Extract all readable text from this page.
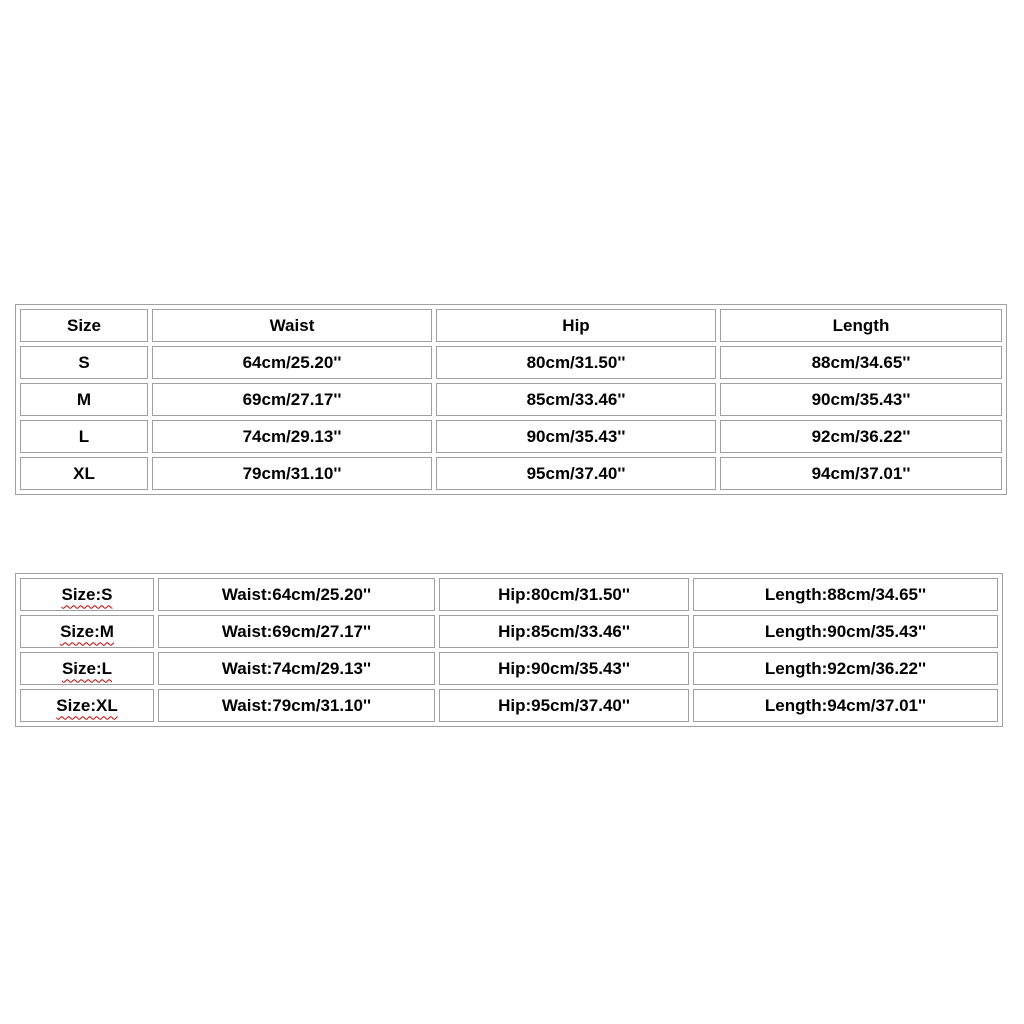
Size	Waist	Hip	Length
S	64cm/25.20''	80cm/31.50''	88cm/34.65''
M	69cm/27.17''	85cm/33.46''	90cm/35.43''
L	74cm/29.13''	90cm/35.43''	92cm/36.22''
XL	79cm/31.10''	95cm/37.40''	94cm/37.01''
Size:S	Waist:64cm/25.20''	Hip:80cm/31.50''	Length:88cm/34.65''
Size:M	Waist:69cm/27.17''	Hip:85cm/33.46''	Length:90cm/35.43''
Size:L	Waist:74cm/29.13''	Hip:90cm/35.43''	Length:92cm/36.22''
Size:XL	Waist:79cm/31.10''	Hip:95cm/37.40''	Length:94cm/37.01''
